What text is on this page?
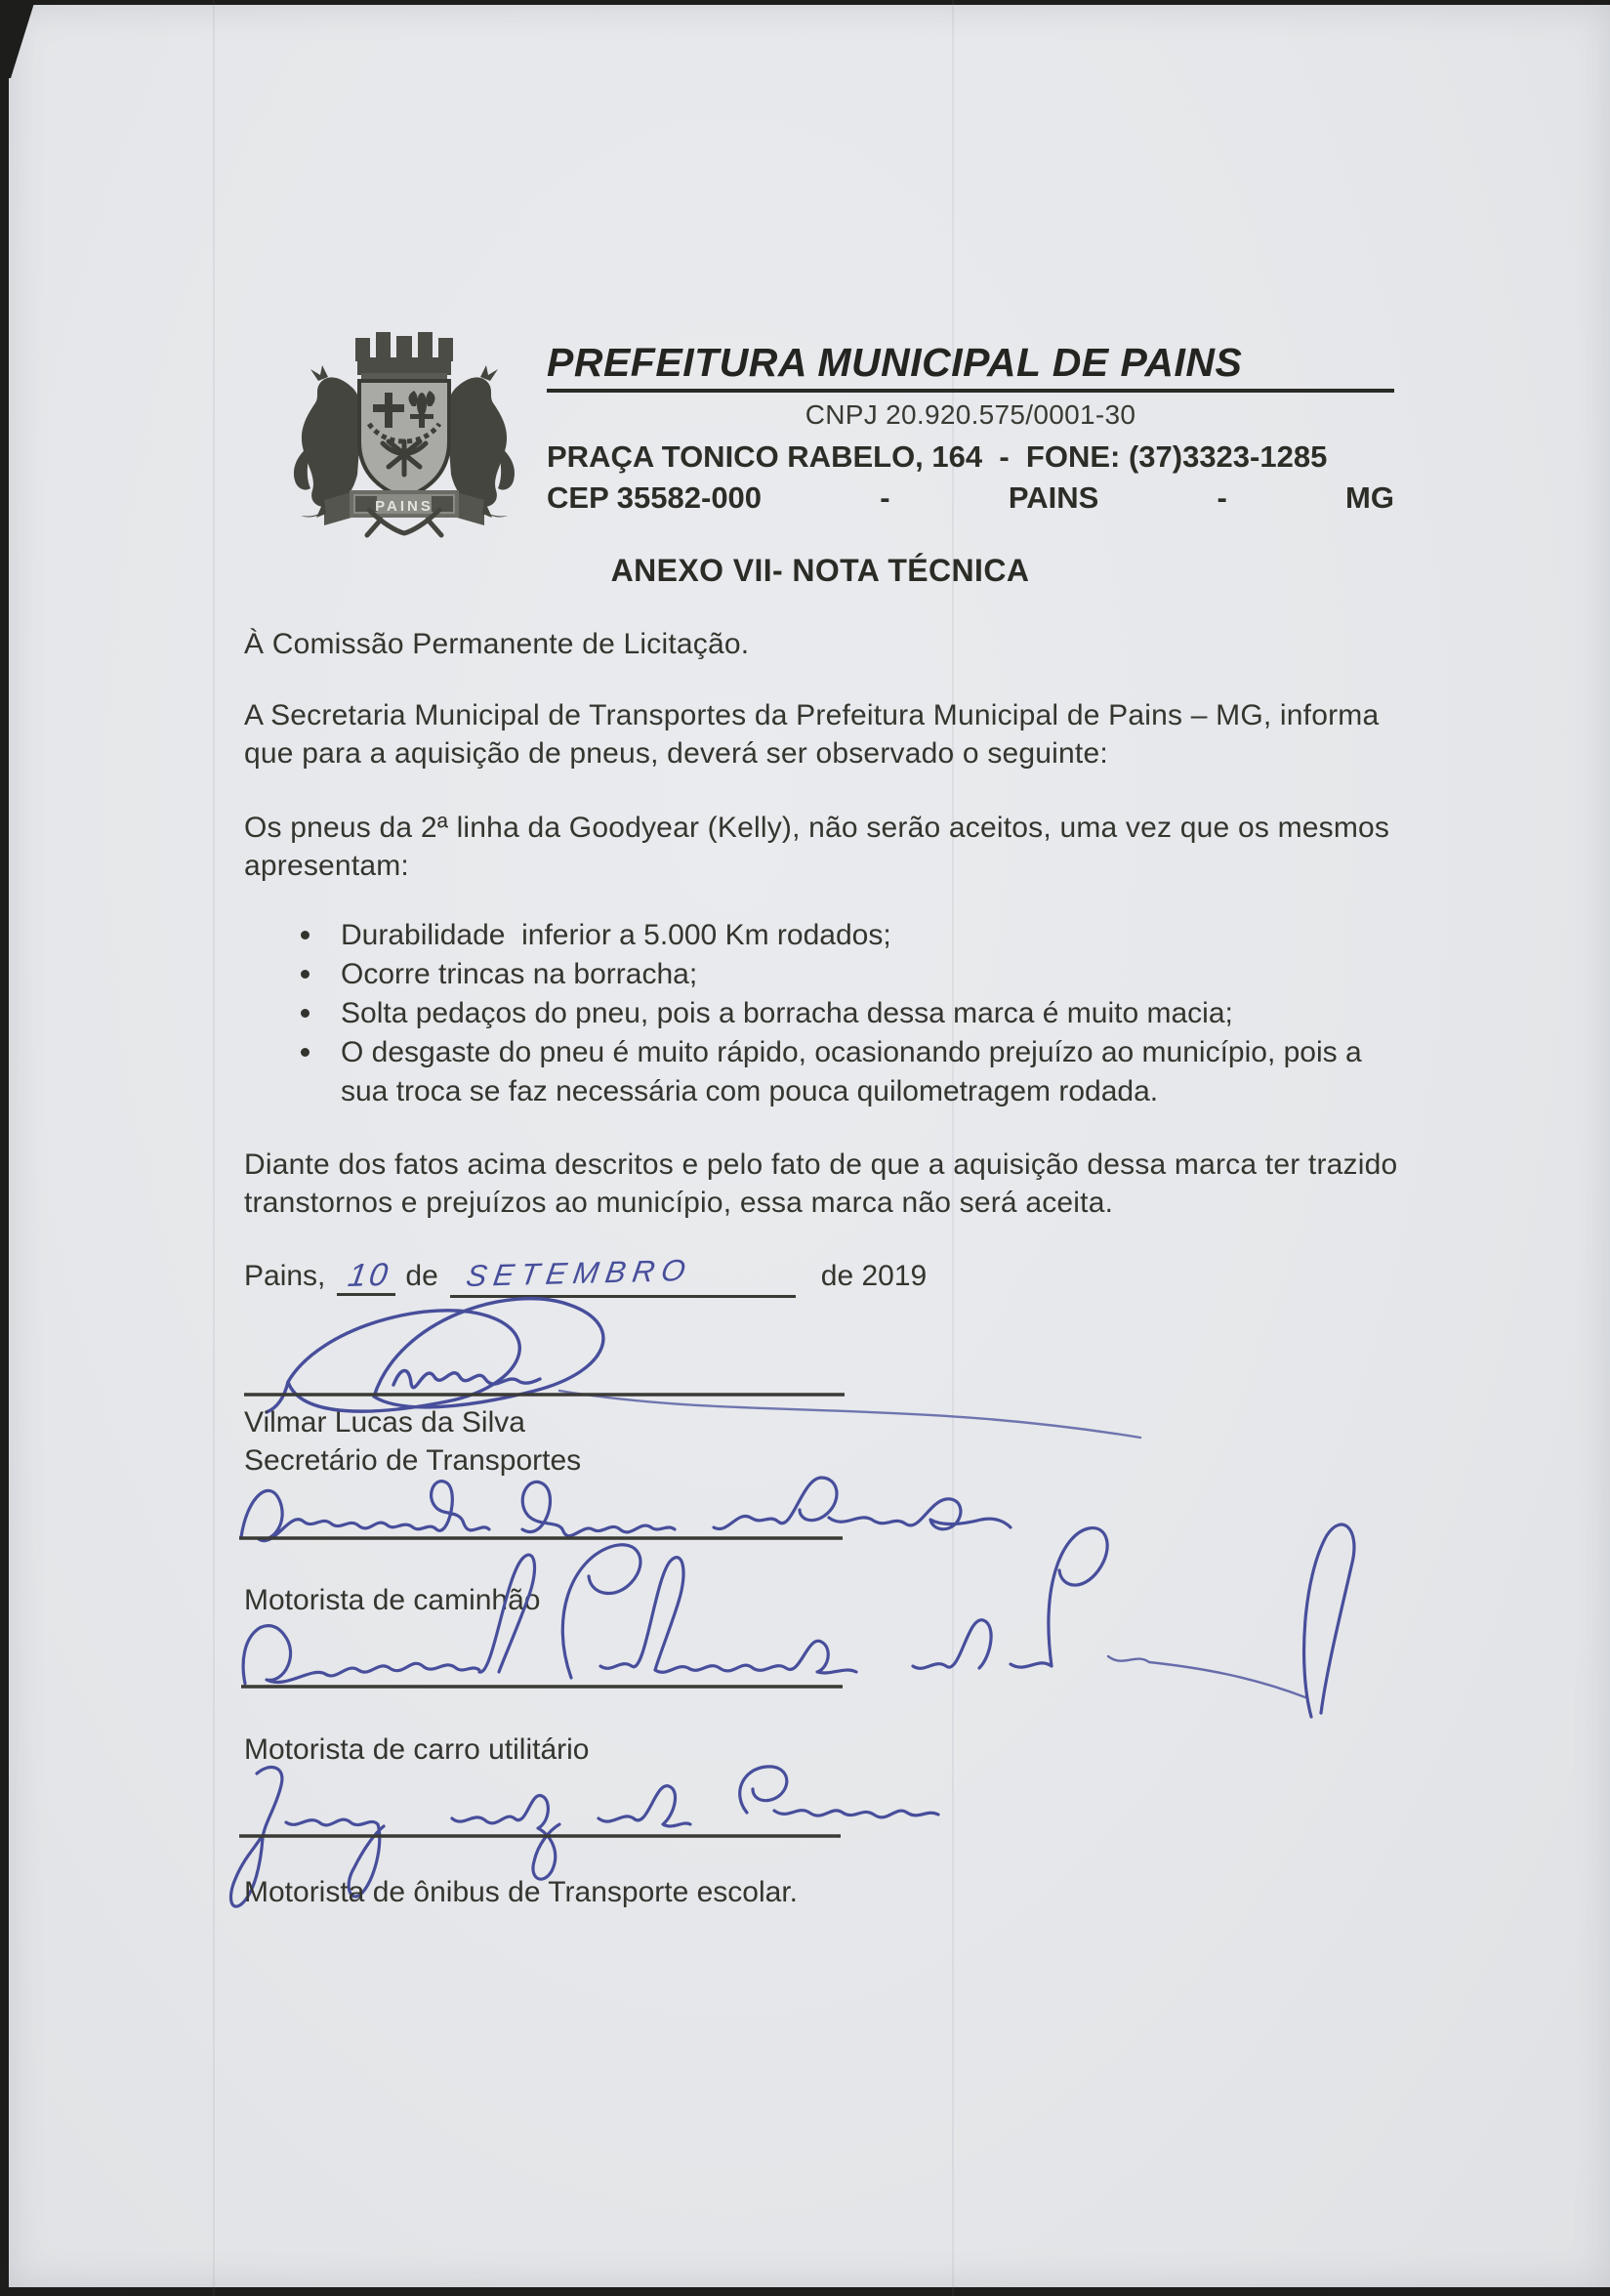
PAINS
PREFEITURA MUNICIPAL DE PAINS
CNPJ 20.920.575/0001-30
PRAÇA TONICO RABELO, 164  -  FONE: (37)3323-1285
CEP 35582-000	-	PAINS	-	MG
ANEXO VII- NOTA TÉCNICA
À Comissão Permanente de Licitação.
A Secretaria Municipal de Transportes da Prefeitura Municipal de Pains – MG, informa que para a aquisição de pneus, deverá ser observado o seguinte:
Os pneus da 2ª linha da Goodyear (Kelly), não serão aceitos, uma vez que os mesmos apresentam:
Durabilidade  inferior a 5.000 Km rodados;
Ocorre trincas na borracha;
Solta pedaços do pneu, pois a borracha dessa marca é muito macia;
O desgaste do pneu é muito rápido, ocasionando prejuízo ao município, pois a sua troca se faz necessária com pouca quilometragem rodada.
Diante dos fatos acima descritos e pelo fato de que a aquisição dessa marca ter trazido transtornos e prejuízos ao município, essa marca não será aceita.
Pains, 10 de SETEMBRO	de 2019
Vilmar Lucas da Silva
Secretário de Transportes
Motorista de caminhão
Motorista de carro utilitário
Motorista de ônibus de Transporte escolar.
